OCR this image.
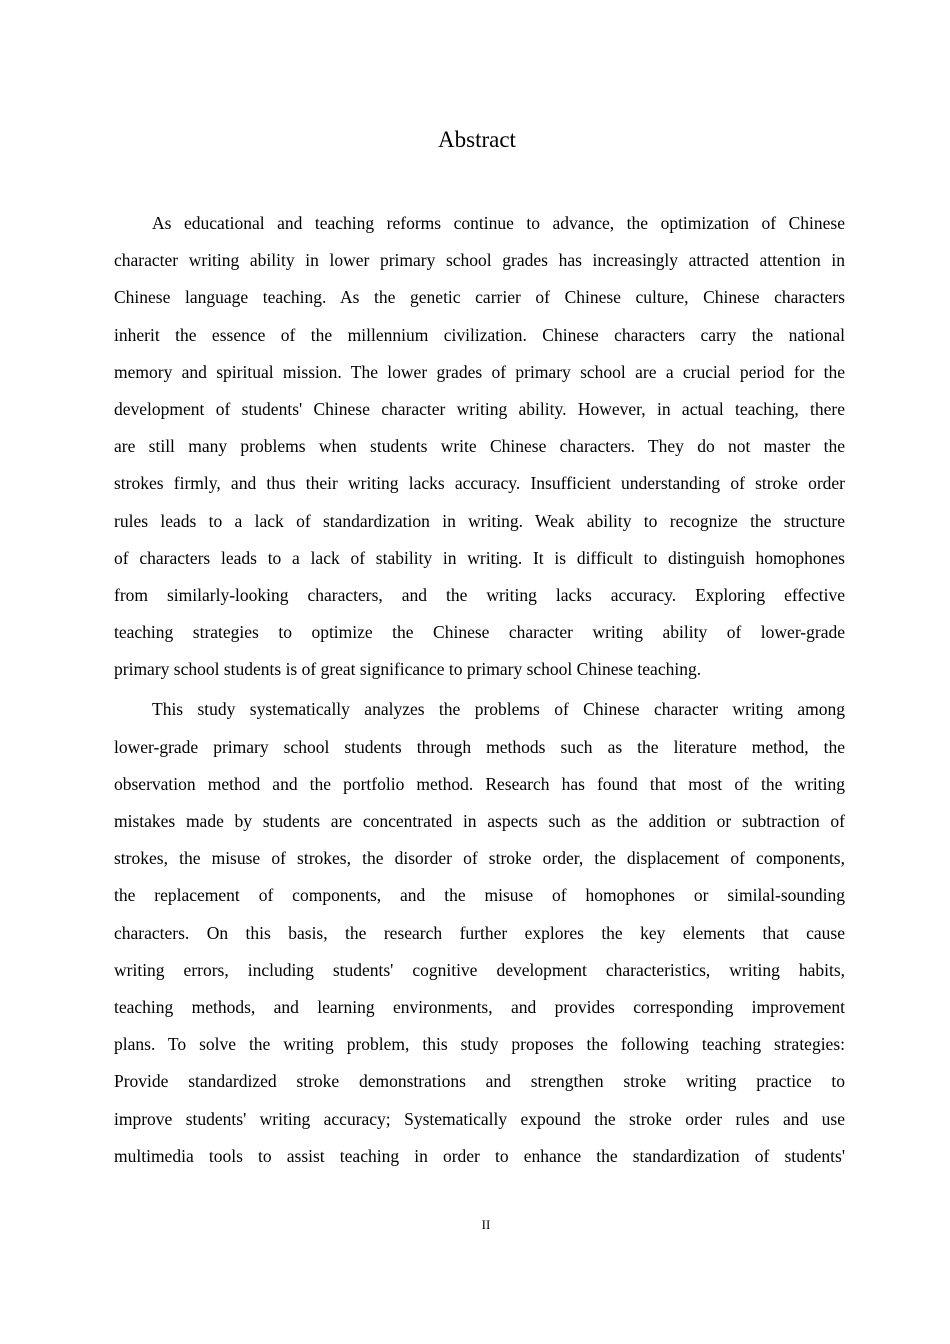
Abstract

As educational and teaching reforms continue to advance, the optimization of Chinese
character writing ability in lower primary school grades has increasingly attracted attention in
Chinese language teaching. As the genetic carrier of Chinese culture, Chinese characters
inherit the essence of the millennium civilization. Chinese characters carry the national
memory and spiritual mission. The lower grades of primary school are a crucial period for the
development of students' Chinese character writing ability. However, in actual teaching, there
are still many problems when students write Chinese characters. They do not master the
strokes firmly, and thus their writing lacks accuracy. Insufficient understanding of stroke order
rules leads to a lack of standardization in writing. Weak ability to recognize the structure
of characters leads to a lack of stability in writing. It is difficult to distinguish homophones
from similarly-looking characters, and the writing lacks accuracy. Exploring effective
teaching strategies to optimize the Chinese character writing ability of lower-grade
primary school students is of great significance to primary school Chinese teaching.

This study systematically analyzes the problems of Chinese character writing among
lower-grade primary school students through methods such as the literature method, the
observation method and the portfolio method. Research has found that most of the writing
mistakes made by students are concentrated in aspects such as the addition or subtraction of
strokes, the misuse of strokes, the disorder of stroke order, the displacement of components,
the replacement of components, and the misuse of homophones or similal-sounding
characters. On this basis, the research further explores the key elements that cause
writing errors, including students' cognitive development characteristics, writing habits,
teaching methods, and learning environments, and provides corresponding improvement
plans. To solve the writing problem, this study proposes the following teaching strategies:
Provide standardized stroke demonstrations and strengthen stroke writing practice to
improve students' writing accuracy; Systematically expound the stroke order rules and use
multimedia tools to assist teaching in order to enhance the standardization of students'

II
